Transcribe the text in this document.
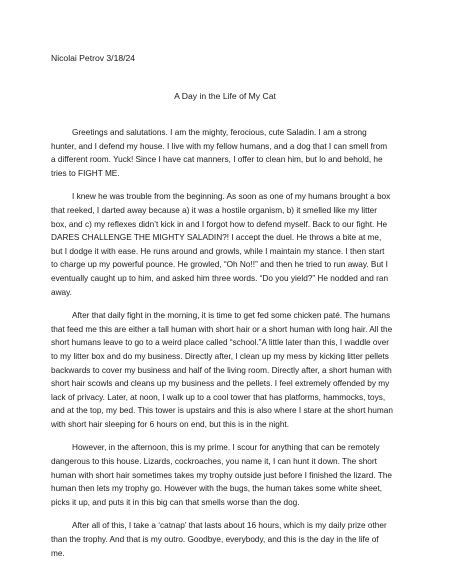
Nicolai Petrov 3/18/24
A Day in the Life of My Cat

Greetings and salutations. I am the mighty, ferocious, cute Saladin. I am a strong hunter, and I defend my house. I live with my fellow humans, and a dog that I can smell from a different room. Yuck! Since I have cat manners, I offer to clean him, but lo and behold, he tries to FIGHT ME.

I knew he was trouble from the beginning. As soon as one of my humans brought a box that reeked, I darted away because a) it was a hostile organism, b) it smelled like my litter box, and c) my reflexes didn’t kick in and I forgot how to defend myself. Back to our fight. He DARES CHALLENGE THE MIGHTY SALADIN?! I accept the duel. He throws a bite at me, but I dodge it with ease. He runs around and growls, while I maintain my stance. I then start to charge up my powerful pounce. He growled, “Oh No!!” and then he tried to run away. But I eventually caught up to him, and asked him three words. “Do you yield?” He nodded and ran away.

After that daily fight in the morning, it is time to get fed some chicken paté. The humans that feed me this are either a tall human with short hair or a short human with long hair. All the short humans leave to go to a weird place called “school.”A little later than this, I waddle over to my litter box and do my business. Directly after, I clean up my mess by kicking litter pellets backwards to cover my business and half of the living room. Directly after, a short human with short hair scowls and cleans up my business and the pellets. I feel extremely offended by my lack of privacy. Later, at noon, I walk up to a cool tower that has platforms, hammocks, toys, and at the top, my bed. This tower is upstairs and this is also where I stare at the short human with short hair sleeping for 6 hours on end, but this is in the night.

However, in the afternoon, this is my prime. I scour for anything that can be remotely dangerous to this house. Lizards, cockroaches, you name it, I can hunt it down. The short human with short hair sometimes takes my trophy outside just before I finished the lizard. The human then lets my trophy go. However with the bugs, the human takes some white sheet, picks it up, and puts it in this big can that smells worse than the dog.

After all of this, I take a ‘catnap’ that lasts about 16 hours, which is my daily prize other than the trophy. And that is my outro. Goodbye, everybody, and this is the day in the life of me.
